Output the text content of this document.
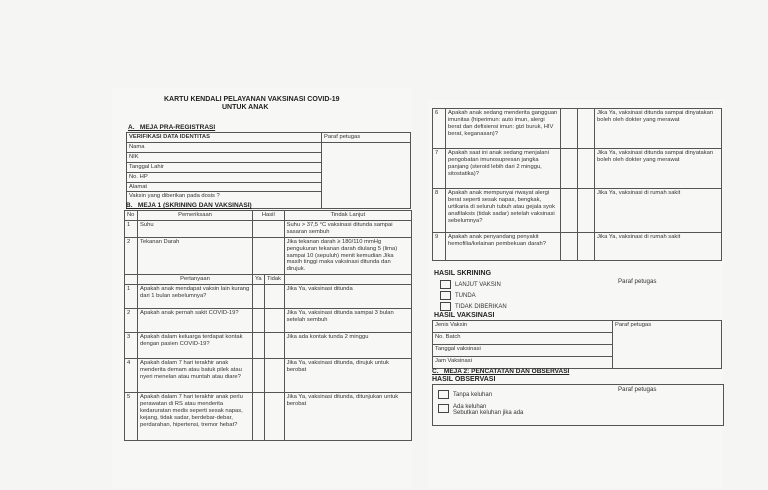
KARTU KENDALI PELAYANAN VAKSINASI COVID-19
UNTUK ANAK
A.   MEJA PRA-REGISTRASI
VERIFIKASI DATA IDENTITAS	Paraf petugas
Nama	
NIK	
Tanggal Lahir	
No. HP	
Alamat	
Vaksin yang diberikan pada dosis ?	
B.   MEJA 1 (SKRINING DAN VAKSINASI)
No	Pemeriksaan	Hasil		Tindak Lanjut
1	Suhu			Suhu > 37,5 °C vaksinasi ditunda sampai sasaran sembuh
2	Tekanan Darah			Jika tekanan darah ≥ 180/110 mmHg pengukuran tekanan darah diulang 5 (lima) sampai 10 (sepuluh) menit kemudian Jika masih tinggi maka vaksinasi ditunda dan dirujuk.
	Pertanyaan	Ya	Tidak	
1	Apakah anak mendapat vaksin lain kurang dari 1 bulan sebelumnya?			Jika Ya, vaksinasi ditunda
2	Apakah anak pernah sakit COVID-19?			Jika Ya, vaksinasi ditunda sampai 3 bulan setelah sembuh
3	Apakah dalam keluarga terdapat kontak dengan pasien COVID-19?			Jika ada kontak tunda 2 minggu
4	Apakah dalam 7 hari terakhir anak menderita demam atau batuk pilek atau nyeri menelan atau muntah atau diare?			Jika Ya, vaksinasi ditunda, dirujuk untuk berobat
5	Apakah dalam 7 hari terakhir anak perlu perawatan di RS atau menderita kedaruratan medis seperti sesak napas, kejang, tidak sadar, berdebar-debar, perdarahan, hipertensi, tremor hebat?			Jika Ya, vaksinasi ditunda, ditunjukan untuk berobat
6	Apakah anak sedang menderita gangguan imunitas (hiperimun: auto imun, alergi berat dan defisiensi imun: gizi buruk, HIV berat, keganasan)?			Jika Ya, vaksinasi ditunda sampai dinyatakan boleh oleh dokter yang merawat
7	Apakah saat ini anak sedang menjalani pengobatan imunosupresan jangka panjang (steroid lebih dari 2 minggu, sitostatika)?			Jika Ya, vaksinasi ditunda sampai dinyatakan boleh oleh dokter yang merawat
8	Apakah anak mempunyai riwayat alergi berat seperti sesak napas, bengkak, urtikaria di seluruh tubuh atau gejala syok anafilaksis (tidak sadar) setelah vaksinasi sebelumnya?			Jika Ya, vaksinasi di rumah sakit
9	Apakah anak penyandang penyakit hemofilia/kelainan pembekuan darah?			Jika Ya, vaksinasi di rumah sakit
HASIL SKRINING
LANJUT VAKSIN
TUNDA
TIDAK DIBERIKAN
Paraf petugas
HASIL VAKSINASI
Jenis Vaksin	Paraf petugas
No. Batch
Tanggal vaksinasi
Jam Vaksinasi
C.   MEJA 2: PENCATATAN DAN OBSERVASI
HASIL OBSERVASI
Paraf petugas
Tanpa keluhan
Ada keluhan
Sebutkan keluhan jika ada
